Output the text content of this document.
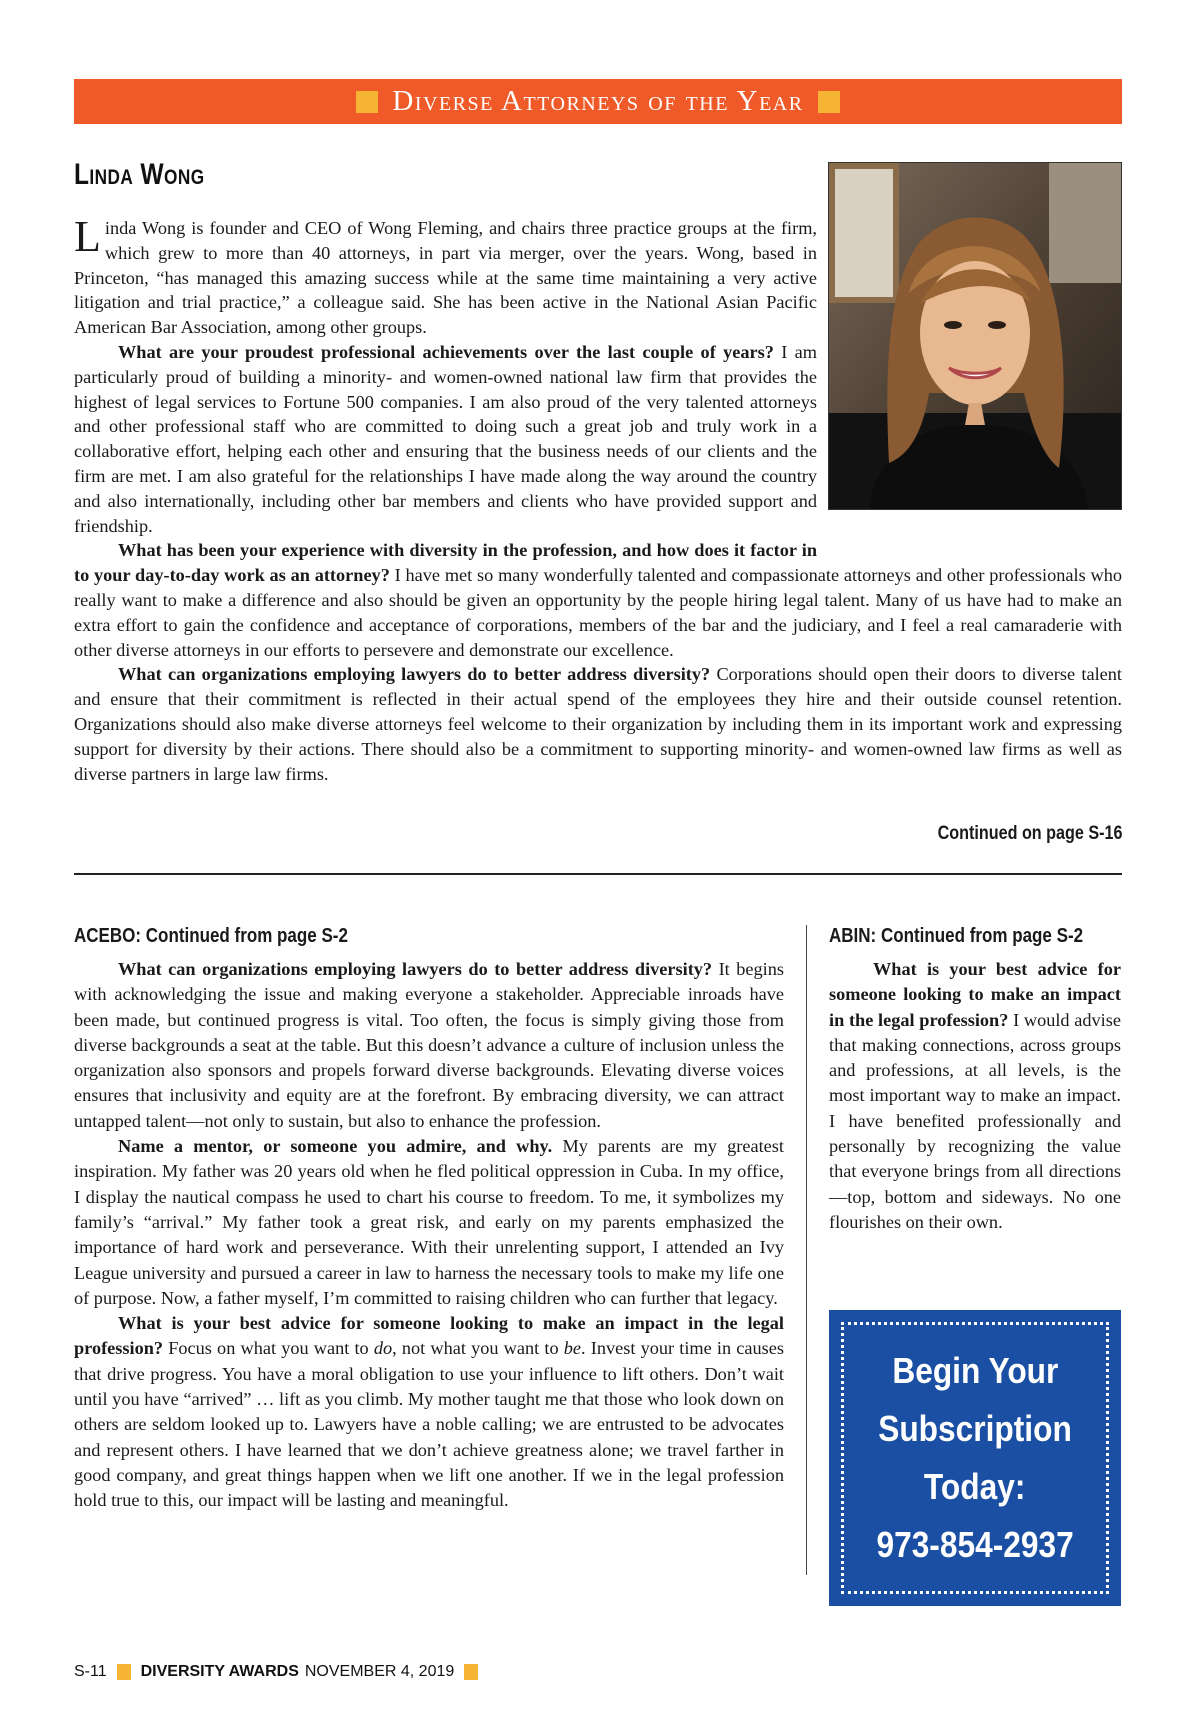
Diverse Attorneys of the Year
Linda Wong

Linda Wong is founder and CEO of Wong Fleming, and chairs three practice groups at the firm, which grew to more than 40 attorneys, in part via merger, over the years. Wong, based in Princeton, “has managed this amazing success while at the same time maintaining a very active litigation and trial practice,” a colleague said. She has been active in the National Asian Pacific American Bar Association, among other groups.

What are your proudest professional achievements over the last couple of years? I am particularly proud of building a minority- and women-owned national law firm that provides the highest of legal services to Fortune 500 companies. I am also proud of the very talented attorneys and other professional staff who are committed to doing such a great job and truly work in a collaborative effort, helping each other and ensuring that the business needs of our clients and the firm are met. I am also grateful for the relationships I have made along the way around the country and also internationally, including other bar members and clients who have provided support and friendship.

What has been your experience with diversity in the profession, and how does it factor in to your day-to-day work as an attorney? I have met so many wonderfully talented and compassionate attorneys and other professionals who really want to make a difference and also should be given an opportunity by the people hiring legal talent. Many of us have had to make an extra effort to gain the confidence and acceptance of corporations, members of the bar and the judiciary, and I feel a real camaraderie with other diverse attorneys in our efforts to persevere and demonstrate our excellence.

What can organizations employing lawyers do to better address diversity? Corporations should open their doors to diverse talent and ensure that their commitment is reflected in their actual spend of the employees they hire and their outside counsel retention. Organizations should also make diverse attorneys feel welcome to their organization by including them in its important work and expressing support for diversity by their actions. There should also be a commitment to supporting minority- and women-owned law firms as well as diverse partners in large law firms.

Continued on page S-16
ACEBO: Continued from page S-2

What can organizations employing lawyers do to better address diversity? It begins with acknowledging the issue and making everyone a stakeholder. Appreciable inroads have been made, but continued progress is vital. Too often, the focus is simply giving those from diverse backgrounds a seat at the table. But this doesn’t advance a culture of inclusion unless the organization also sponsors and propels forward diverse backgrounds. Elevating diverse voices ensures that inclusivity and equity are at the forefront. By embracing diversity, we can attract untapped talent—not only to sustain, but also to enhance the profession.

Name a mentor, or someone you admire, and why. My parents are my greatest inspiration. My father was 20 years old when he fled political oppression in Cuba. In my office, I display the nautical compass he used to chart his course to freedom. To me, it symbolizes my family’s “arrival.” My father took a great risk, and early on my parents emphasized the importance of hard work and perseverance. With their unrelenting support, I attended an Ivy League university and pursued a career in law to harness the necessary tools to make my life one of purpose. Now, a father myself, I’m committed to raising children who can further that legacy.

What is your best advice for someone looking to make an impact in the legal profession? Focus on what you want to do, not what you want to be. Invest your time in causes that drive progress. You have a moral obligation to use your influence to lift others. Don’t wait until you have “arrived” … lift as you climb. My mother taught me that those who look down on others are seldom looked up to. Lawyers have a noble calling; we are entrusted to be advocates and represent others. I have learned that we don’t achieve greatness alone; we travel farther in good company, and great things happen when we lift one another. If we in the legal profession hold true to this, our impact will be lasting and meaningful.

ABIN: Continued from page S-2

What is your best advice for someone looking to make an impact in the legal profession? I would advise that making connections, across groups and professions, at all levels, is the most important way to make an impact. I have benefited professionally and personally by recognizing the value that everyone brings from all directions—top, bottom and sideways. No one flourishes on their own.

Begin Your
Subscription
Today:
973-854-2937
S-11 DIVERSITY AWARDS NOVEMBER 4, 2019
